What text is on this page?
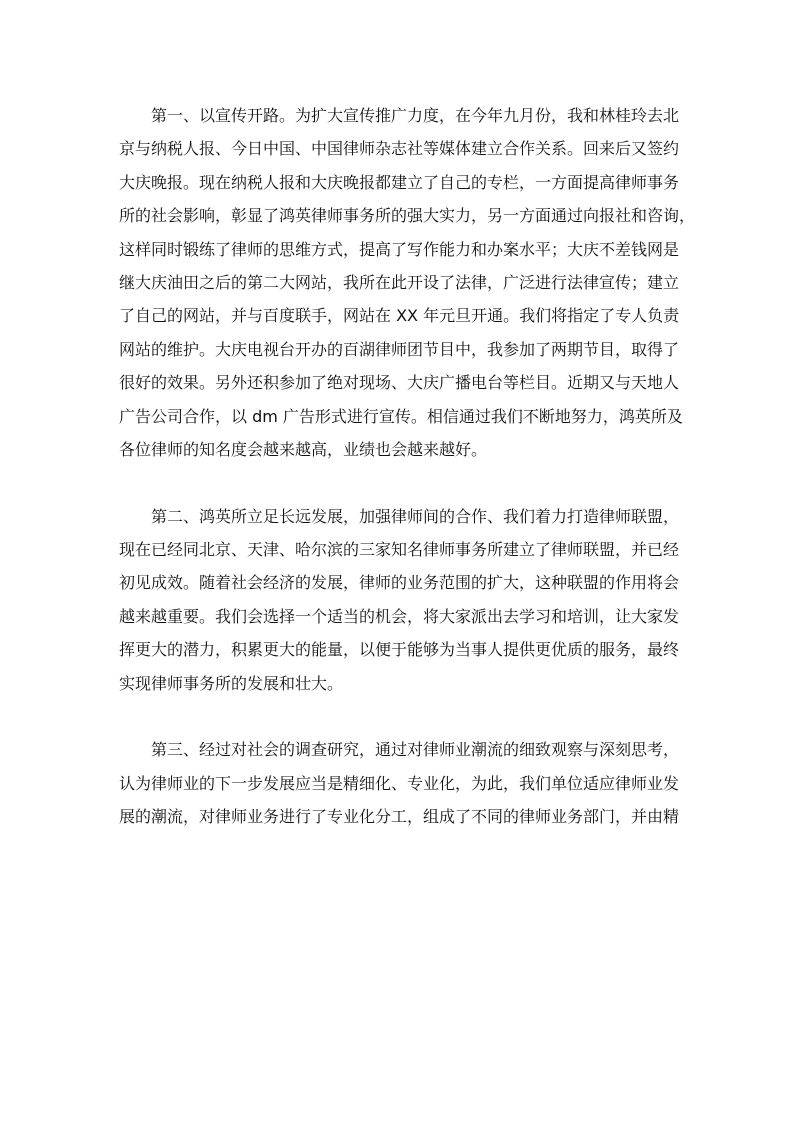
第一、以宣传开路。为扩大宣传推广力度，在今年九月份，我和林桂玲去北
京与纳税人报、今日中国、中国律师杂志社等媒体建立合作关系。回来后又签约
大庆晚报。现在纳税人报和大庆晚报都建立了自己的专栏，一方面提高律师事务
所的社会影响，彰显了鸿英律师事务所的强大实力，另一方面通过向报社和咨询，
这样同时锻练了律师的思维方式，提高了写作能力和办案水平；大庆不差钱网是
继大庆油田之后的第二大网站，我所在此开设了法律，广泛进行法律宣传；建立
了自己的网站，并与百度联手，网站在 XX 年元旦开通。我们将指定了专人负责
网站的维护。大庆电视台开办的百湖律师团节目中，我参加了两期节目，取得了
很好的效果。另外还积参加了绝对现场、大庆广播电台等栏目。近期又与天地人
广告公司合作，以 dm 广告形式进行宣传。相信通过我们不断地努力，鸿英所及
各位律师的知名度会越来越高，业绩也会越来越好。
第二、鸿英所立足长远发展，加强律师间的合作、我们着力打造律师联盟，
现在已经同北京、天津、哈尔滨的三家知名律师事务所建立了律师联盟，并已经
初见成效。随着社会经济的发展，律师的业务范围的扩大，这种联盟的作用将会
越来越重要。我们会选择一个适当的机会，将大家派出去学习和培训，让大家发
挥更大的潜力，积累更大的能量，以便于能够为当事人提供更优质的服务，最终
实现律师事务所的发展和壮大。
第三、经过对社会的调查研究，通过对律师业潮流的细致观察与深刻思考，
认为律师业的下一步发展应当是精细化、专业化，为此，我们单位适应律师业发
展的潮流，对律师业务进行了专业化分工，组成了不同的律师业务部门，并由精
